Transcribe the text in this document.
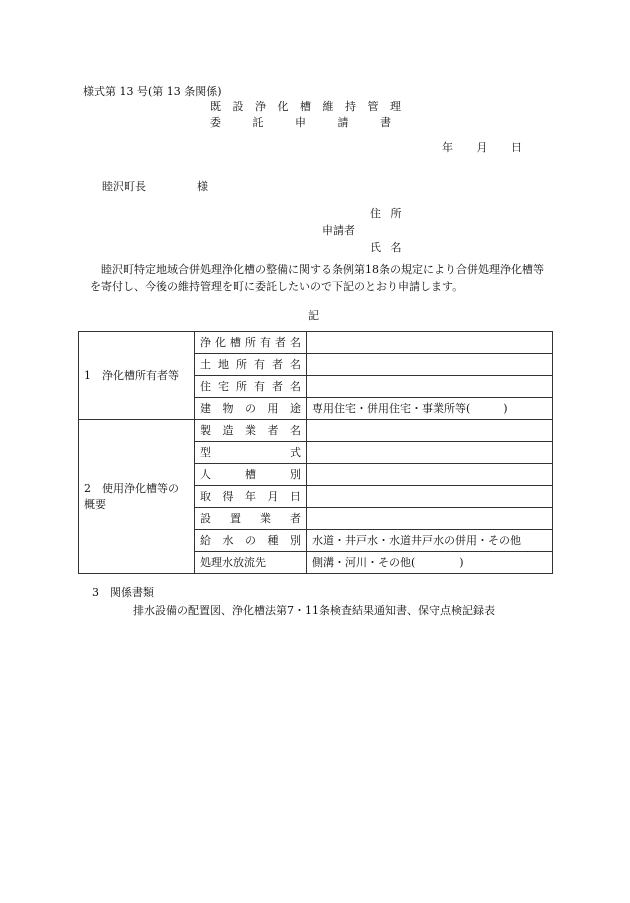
様式第 13 号(第 13 条関係)
既 設 浄 化 槽 維 持 管 理
委 託 申 請 書
年 月 日
睦沢町長	様
住 所
申請者
氏 名
睦沢町特定地域合併処理浄化槽の整備に関する条例第18条の規定により合併処理浄化槽等を寄付し、今後の維持管理を町に委託したいので下記のとおり申請します。
記
1　浄化槽所有者等	浄化槽所有者名	
	土地所有者名	
	住宅所有者名	
	建物の用途	専用住宅・併用住宅・事業所等(　　　)
2　使用浄化槽等の概要	製造業者名	
	型式	
	人槽別	
	取得年月日	
	設置業者	
	給水の種別	水道・井戸水・水道井戸水の併用・その他
	処理水放流先	側溝・河川・その他(　　　　)
3　関係書類
排水設備の配置図、浄化槽法第7・11条検査結果通知書、保守点検記録表
